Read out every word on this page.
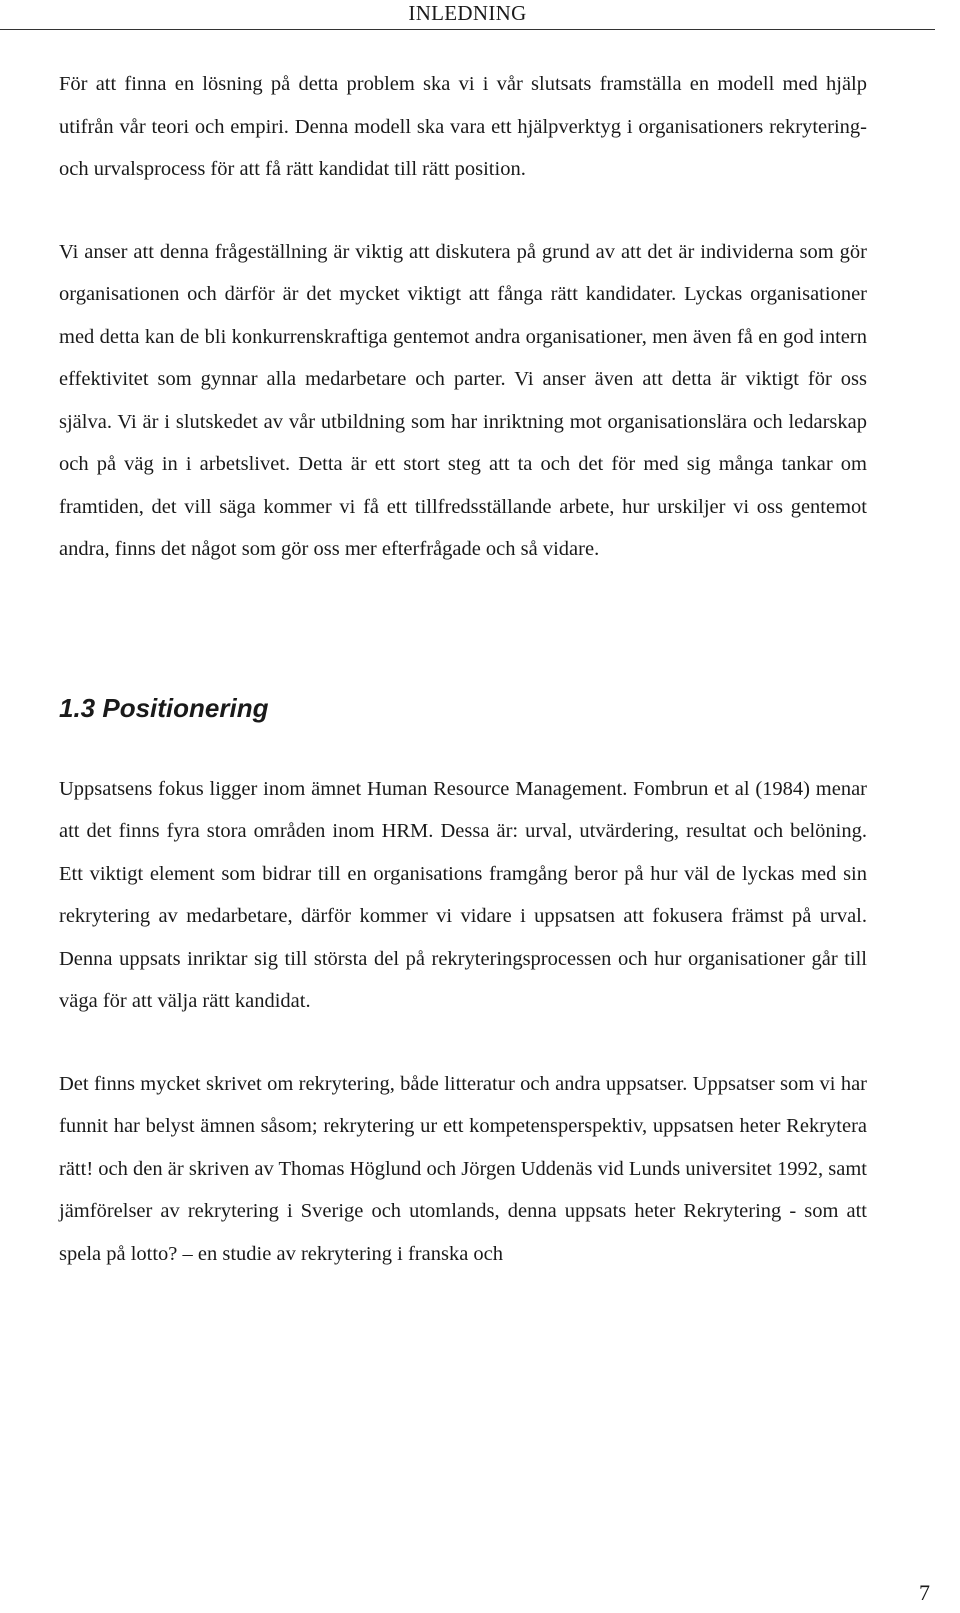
INLEDNING

För att finna en lösning på detta problem ska vi i vår slutsats framställa en modell med hjälp utifrån vår teori och empiri. Denna modell ska vara ett hjälpverktyg i organisationers rekrytering- och urvalsprocess för att få rätt kandidat till rätt position.

Vi anser att denna frågeställning är viktig att diskutera på grund av att det är individerna som gör organisationen och därför är det mycket viktigt att fånga rätt kandidater. Lyckas organisationer med detta kan de bli konkurrenskraftiga gentemot andra organisationer, men även få en god intern effektivitet som gynnar alla medarbetare och parter. Vi anser även att detta är viktigt för oss själva. Vi är i slutskedet av vår utbildning som har inriktning mot organisationslära och ledarskap och på väg in i arbetslivet. Detta är ett stort steg att ta och det för med sig många tankar om framtiden, det vill säga kommer vi få ett tillfredsställande arbete, hur urskiljer vi oss gentemot andra, finns det något som gör oss mer efterfrågade och så vidare.

1.3 Positionering

Uppsatsens fokus ligger inom ämnet Human Resource Management. Fombrun et al (1984) menar att det finns fyra stora områden inom HRM. Dessa är: urval, utvärdering, resultat och belöning. Ett viktigt element som bidrar till en organisations framgång beror på hur väl de lyckas med sin rekrytering av medarbetare, därför kommer vi vidare i uppsatsen att fokusera främst på urval. Denna uppsats inriktar sig till största del på rekryteringsprocessen och hur organisationer går till väga för att välja rätt kandidat.

Det finns mycket skrivet om rekrytering, både litteratur och andra uppsatser. Uppsatser som vi har funnit har belyst ämnen såsom; rekrytering ur ett kompetensperspektiv, uppsatsen heter Rekrytera rätt! och den är skriven av Thomas Höglund och Jörgen Uddenäs vid Lunds universitet 1992, samt jämförelser av rekrytering i Sverige och utomlands, denna uppsats heter Rekrytering - som att spela på lotto? – en studie av rekrytering i franska och

7
